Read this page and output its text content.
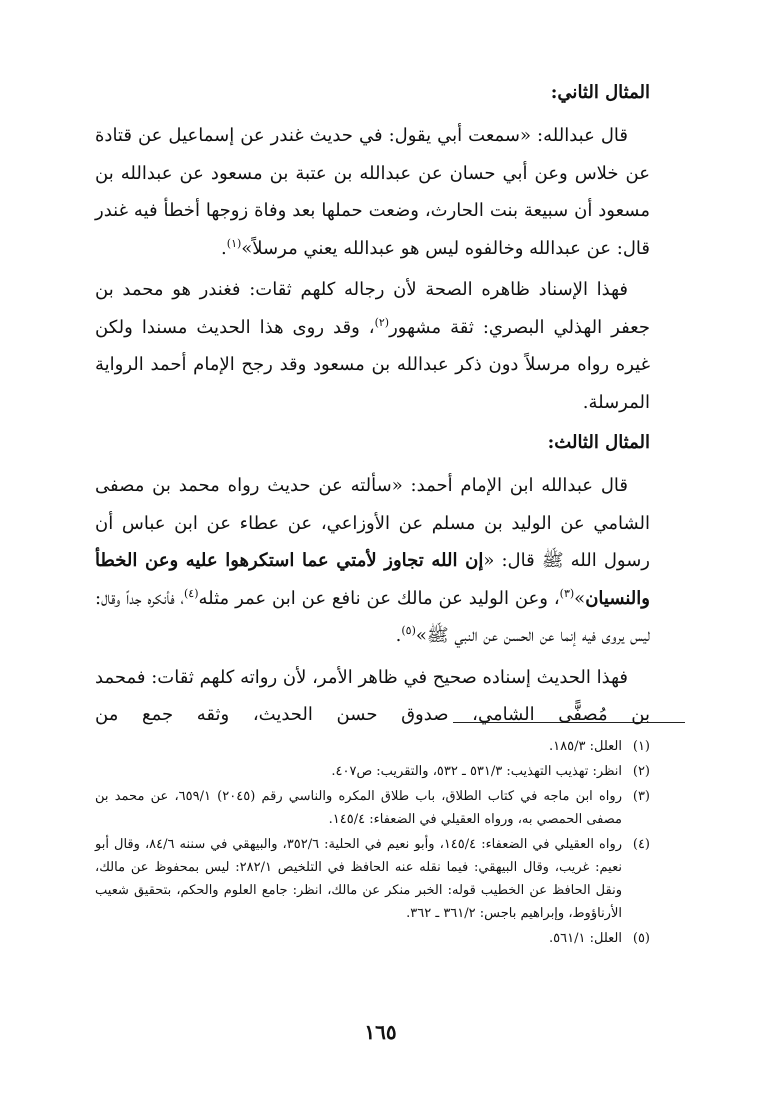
المثال الثاني:

قال عبدالله: «سمعت أبي يقول: في حديث غندر عن إسماعيل عن قتادة عن خلاس وعن أبي حسان عن عبدالله بن عتبة بن مسعود عن عبدالله بن مسعود أن سبيعة بنت الحارث، وضعت حملها بعد وفاة زوجها أخطأ فيه غندر قال: عن عبدالله وخالفوه ليس هو عبدالله يعني مرسلاً»$^{(١)}$.

فهذا الإسناد ظاهره الصحة لأن رجاله كلهم ثقات: فغندر هو محمد بن جعفر الهذلي البصري: ثقة مشهور$^{(٢)}$، وقد روى هذا الحديث مسندا ولكن غيره رواه مرسلاً دون ذكر عبدالله بن مسعود وقد رجح الإمام أحمد الرواية المرسلة.

المثال الثالث:

قال عبدالله ابن الإمام أحمد: «سألته عن حديث رواه محمد بن مصفى الشامي عن الوليد بن مسلم عن الأوزاعي، عن عطاء عن ابن عباس أن رسول الله ﷺ قال: «إن الله تجاوز لأمتي عما استكرهوا عليه وعن الخطأ والنسيان»$^{(٣)}$، وعن الوليد عن مالك عن نافع عن ابن عمر مثله$^{(٤)}$، فأنكره جداً وقال: ليس يروى فيه إنما عن الحسن عن النبي ﷺ»$^{(٥)}$.

فهذا الحديث إسناده صحيح في ظاهر الأمر، لأن رواته كلهم ثقات: فمحمد بن مُصفًّى الشامي، صدوق حسن الحديث، وثقه جمع من

(١)
العلل: ١٨٥/٣.
(٢)
انظر: تهذيب التهذيب: ٥٣١/٣ ـ ٥٣٢، والتقريب: ص٤٠٧.
(٣)
رواه ابن ماجه في كتاب الطلاق، باب طلاق المكره والناسي رقم (٢٠٤٥) ٦٥٩/١، عن محمد بن مصفى الحمصي به، ورواه العقيلي في الضعفاء: ١٤٥/٤.
(٤)
رواه العقيلي في الضعفاء: ١٤٥/٤، وأبو نعيم في الحلية: ٣٥٢/٦، والبيهقي في سننه ٨٤/٦، وقال أبو نعيم: غريب، وقال البيهقي: فيما نقله عنه الحافظ في التلخيص ٢٨٢/١: ليس بمحفوظ عن مالك، ونقل الحافظ عن الخطيب قوله: الخبر منكر عن مالك، انظر: جامع العلوم والحكم، بتحقيق شعيب الأرناؤوط، وإبراهيم باجس: ٣٦١/٢ ـ ٣٦٢.
(٥)
العلل: ٥٦١/١.
١٦٥
